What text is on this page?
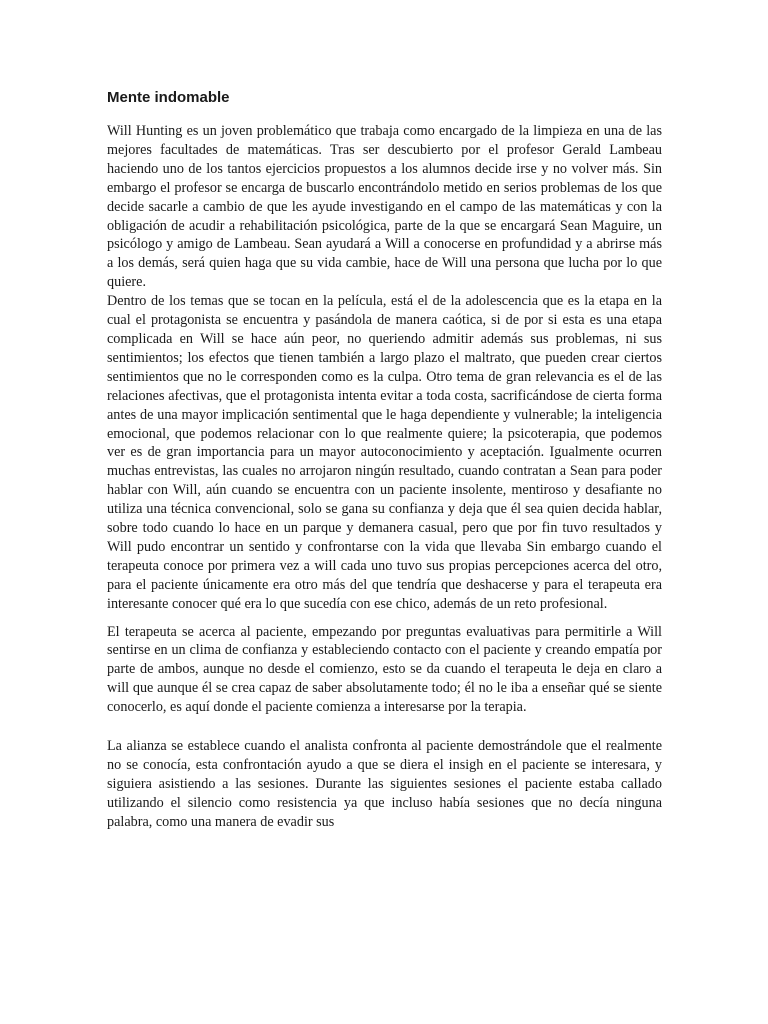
Mente indomable

Will Hunting es un joven problemático que trabaja como encargado de la limpieza en una de las mejores facultades de matemáticas. Tras ser descubierto por el profesor Gerald Lambeau haciendo uno de los tantos ejercicios propuestos a los alumnos decide irse y no volver más. Sin embargo el profesor se encarga de buscarlo encontrándolo metido en serios problemas de los que decide sacarle a cambio de que les ayude investigando en el campo de las matemáticas y con la obligación de acudir a rehabilitación psicológica, parte de la que se encargará Sean Maguire, un psicólogo y amigo de Lambeau. Sean ayudará a Will a conocerse en profundidad y a abrirse más a los demás, será quien haga que su vida cambie, hace de Will una persona que lucha por lo que quiere.

Dentro de los temas que se tocan en la película, está el de la adolescencia que es la etapa en la cual el protagonista se encuentra y pasándola de manera caótica, si de por si esta es una etapa complicada en Will se hace aún peor, no queriendo admitir además sus problemas, ni sus sentimientos; los efectos que tienen también a largo plazo el maltrato, que pueden crear ciertos sentimientos que no le corresponden como es la culpa. Otro tema de gran relevancia es el de las relaciones afectivas, que el protagonista intenta evitar a toda costa, sacrificándose de cierta forma antes de una mayor implicación sentimental que le haga dependiente y vulnerable; la inteligencia emocional, que podemos relacionar con lo que realmente quiere; la psicoterapia, que podemos ver es de gran importancia para un mayor autoconocimiento y aceptación. Igualmente ocurren muchas entrevistas, las cuales no arrojaron ningún resultado, cuando contratan a Sean para poder hablar con Will, aún cuando se encuentra con un paciente insolente, mentiroso y desafiante no utiliza una técnica convencional, solo se gana su confianza y deja que él sea quien decida hablar, sobre todo cuando lo hace en un parque y demanera casual, pero que por fin tuvo resultados y Will pudo encontrar un sentido y confrontarse con la vida que llevaba Sin embargo cuando el terapeuta conoce por primera vez a will cada uno tuvo sus propias percepciones acerca del otro, para el paciente únicamente era otro más del que tendría que deshacerse y para el terapeuta era interesante conocer qué era lo que sucedía con ese chico, además de un reto profesional.

El terapeuta se acerca al paciente, empezando por preguntas evaluativas para permitirle a Will sentirse en un clima de confianza y estableciendo contacto con el paciente y creando empatía por parte de ambos, aunque no desde el comienzo, esto se da cuando el terapeuta le deja en claro a will que aunque él se crea capaz de saber absolutamente todo; él no le iba a enseñar qué se siente conocerlo, es aquí donde el paciente comienza a interesarse por la terapia.

La alianza se establece cuando el analista confronta al paciente demostrándole que el realmente no se conocía, esta confrontación ayudo a que se diera el insigh en el paciente se interesara, y siguiera asistiendo a las sesiones. Durante las siguientes sesiones el paciente estaba callado utilizando el silencio como resistencia ya que incluso había sesiones que no decía ninguna palabra, como una manera de evadir sus
